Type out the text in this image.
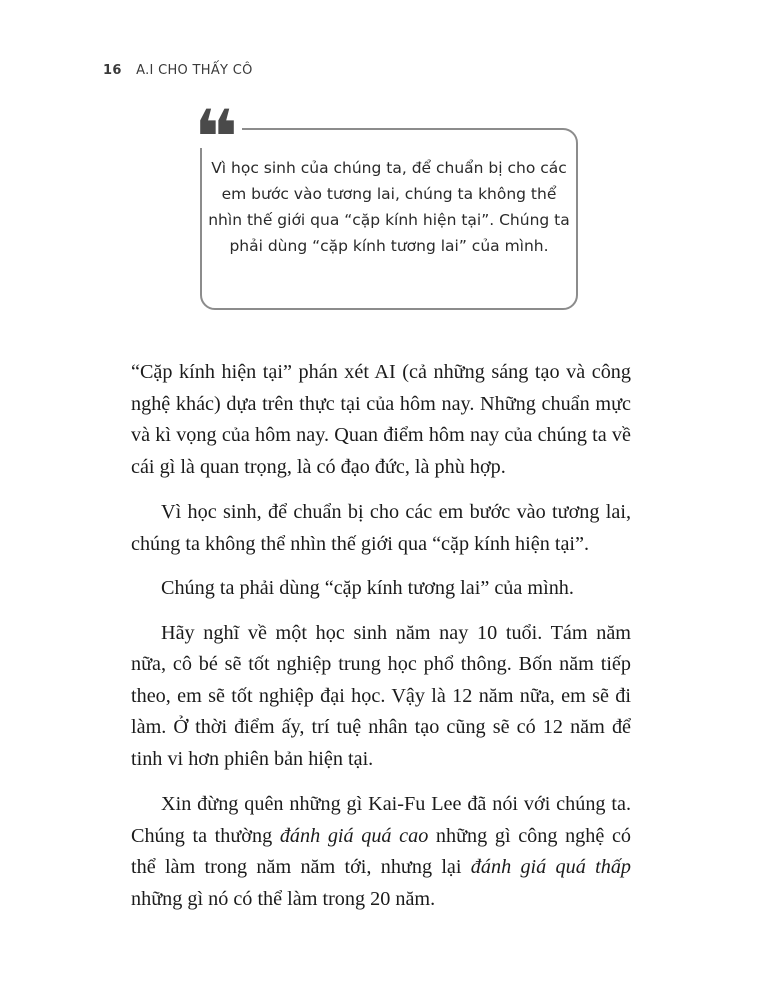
16 A.I CHO THẤY CÔ
❝
Vì học sinh của chúng ta, để chuẩn bị cho các em bước vào tương lai, chúng ta không thể nhìn thế giới qua “cặp kính hiện tại”. Chúng ta phải dùng “cặp kính tương lai” của mình.

“Cặp kính hiện tại” phán xét AI (cả những sáng tạo và công nghệ khác) dựa trên thực tại của hôm nay. Những chuẩn mực và kì vọng của hôm nay. Quan điểm hôm nay của chúng ta về cái gì là quan trọng, là có đạo đức, là phù hợp.

Vì học sinh, để chuẩn bị cho các em bước vào tương lai, chúng ta không thể nhìn thế giới qua “cặp kính hiện tại”.

Chúng ta phải dùng “cặp kính tương lai” của mình.

Hãy nghĩ về một học sinh năm nay 10 tuổi. Tám năm nữa, cô bé sẽ tốt nghiệp trung học phổ thông. Bốn năm tiếp theo, em sẽ tốt nghiệp đại học. Vậy là 12 năm nữa, em sẽ đi làm. Ở thời điểm ấy, trí tuệ nhân tạo cũng sẽ có 12 năm để tinh vi hơn phiên bản hiện tại.

Xin đừng quên những gì Kai-Fu Lee đã nói với chúng ta. Chúng ta thường đánh giá quá cao những gì công nghệ có thể làm trong năm năm tới, nhưng lại đánh giá quá thấp những gì nó có thể làm trong 20 năm.
